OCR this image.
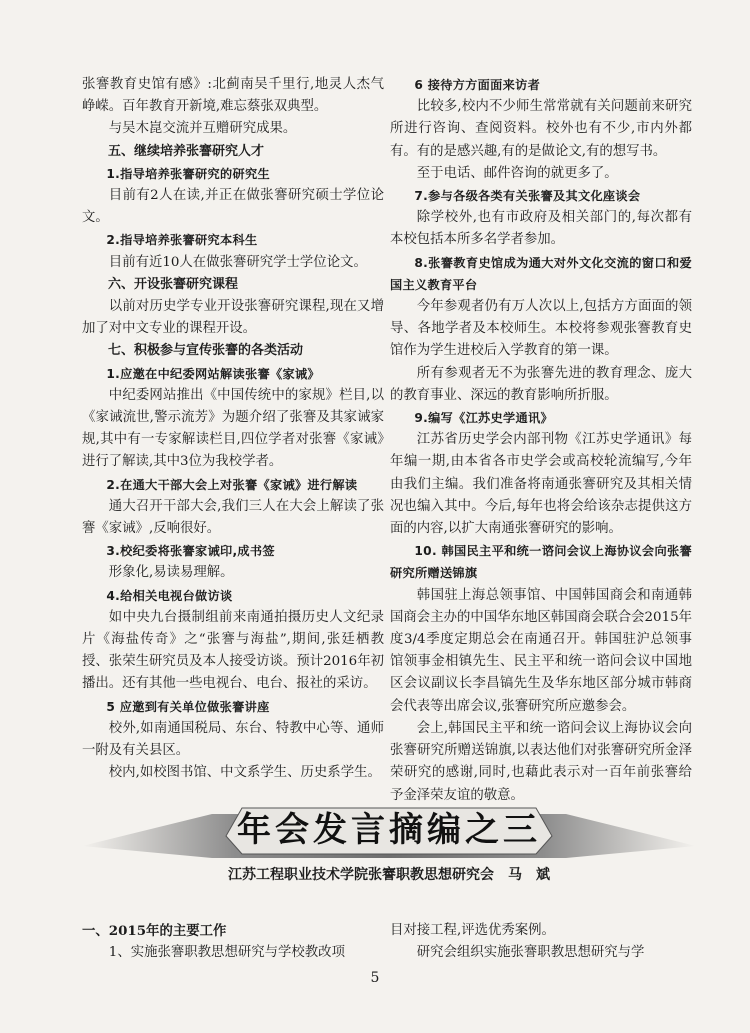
张謇教育史馆有感》:北蓟南吴千里行,地灵人杰气峥嵘。百年教育开新境,难忘蔡张双典型。

与吴木崑交流并互赠研究成果。

五、继续培养张謇研究人才

1.指导培养张謇研究的研究生

目前有2人在读,并正在做张謇研究硕士学位论文。

2.指导培养张謇研究本科生

目前有近10人在做张謇研究学士学位论文。

六、开设张謇研究课程

以前对历史学专业开设张謇研究课程,现在又增加了对中文专业的课程开设。

七、积极参与宣传张謇的各类活动

1.应邀在中纪委网站解读张謇《家诫》

中纪委网站推出《中国传统中的家规》栏目,以《家诫流世,警示流芳》为题介绍了张謇及其家诫家规,其中有一专家解读栏目,四位学者对张謇《家诫》进行了解读,其中3位为我校学者。

2.在通大干部大会上对张謇《家诫》进行解读

通大召开干部大会,我们三人在大会上解读了张謇《家诫》,反响很好。

3.校纪委将张謇家诫印,成书签

形象化,易读易理解。

4.给相关电视台做访谈

如中央九台摄制组前来南通拍摄历史人文纪录片《海盐传奇》之“张謇与海盐”,期间,张廷栖教授、张荣生研究员及本人接受访谈。预计2016年初播出。还有其他一些电视台、电台、报社的采访。

5 应邀到有关单位做张謇讲座

校外,如南通国税局、东台、特教中心等、通师一附及有关县区。

校内,如校图书馆、中文系学生、历史系学生。

6 接待方方面面来访者

比较多,校内不少师生常常就有关问题前来研究所进行咨询、查阅资料。校外也有不少,市内外都有。有的是感兴趣,有的是做论文,有的想写书。

至于电话、邮件咨询的就更多了。

7.参与各级各类有关张謇及其文化座谈会

除学校外,也有市政府及相关部门的,每次都有本校包括本所多名学者参加。

8.张謇教育史馆成为通大对外文化交流的窗口和爱国主义教育平台

今年参观者仍有万人次以上,包括方方面面的领导、各地学者及本校师生。本校将参观张謇教育史馆作为学生进校后入学教育的第一课。

所有参观者无不为张謇先进的教育理念、庞大的教育事业、深远的教育影响所折服。

9.编写《江苏史学通讯》

江苏省历史学会内部刊物《江苏史学通讯》每年编一期,由本省各市史学会或高校轮流编写,今年由我们主编。我们准备将南通张謇研究及其相关情况也编入其中。今后,每年也将会给该杂志提供这方面的内容,以扩大南通张謇研究的影响。

10. 韩国民主平和统一谘问会议上海协议会向张謇研究所赠送锦旗

韩国驻上海总领事馆、中国韩国商会和南通韩国商会主办的中国华东地区韩国商会联合会2015年度3/4季度定期总会在南通召开。韩国驻沪总领事馆领事金相镇先生、民主平和统一谘问会议中国地区会议副议长李昌镐先生及华东地区部分城市韩商会代表等出席会议,张謇研究所应邀参会。

会上,韩国民主平和统一谘问会议上海协议会向张謇研究所赠送锦旗,以表达他们对张謇研究所金泽荣研究的感谢,同时,也藉此表示对一百年前张謇给予金泽荣友谊的敬意。

年会发言摘编之三
江苏工程职业技术学院张謇职教思想研究会　马　斌

一、2015年的主要工作

1、实施张謇职教思想研究与学校教改项

目对接工程,评选优秀案例。

研究会组织实施张謇职教思想研究与学

5
